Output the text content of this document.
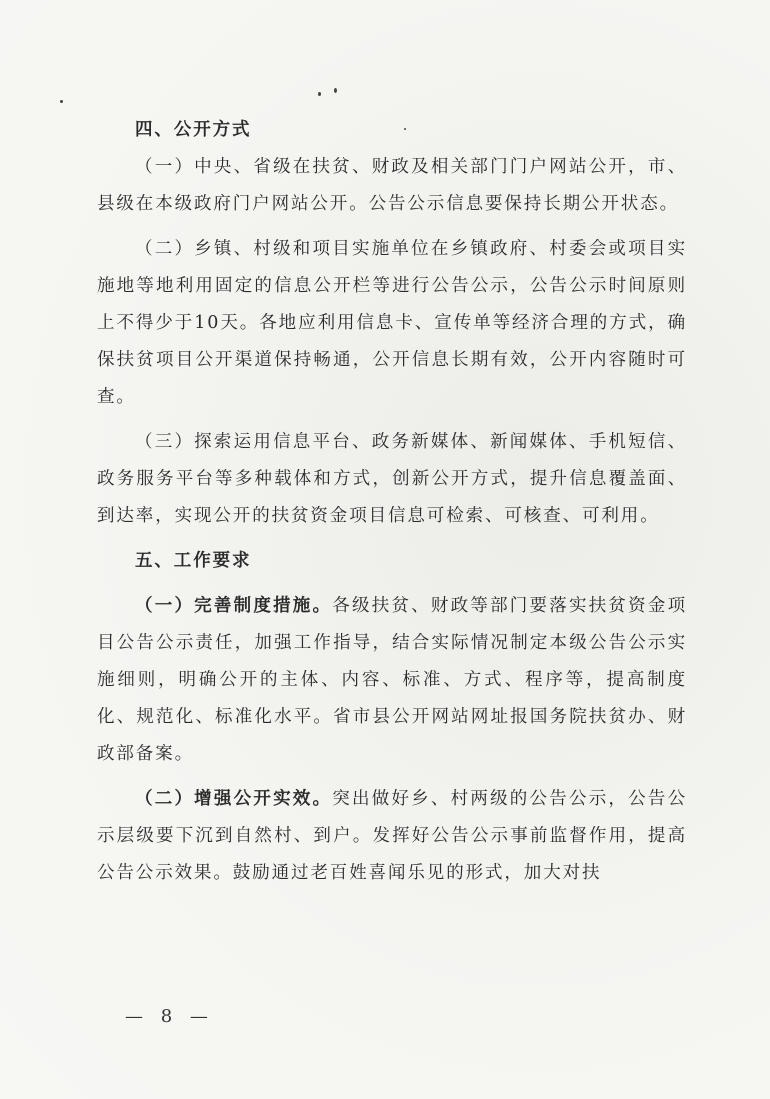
四、公开方式

（一）中央、省级在扶贫、财政及相关部门门户网站公开，市、县级在本级政府门户网站公开。公告公示信息要保持长期公开状态。

（二）乡镇、村级和项目实施单位在乡镇政府、村委会或项目实施地等地利用固定的信息公开栏等进行公告公示，公告公示时间原则上不得少于10天。各地应利用信息卡、宣传单等经济合理的方式，确保扶贫项目公开渠道保持畅通，公开信息长期有效，公开内容随时可查。

（三）探索运用信息平台、政务新媒体、新闻媒体、手机短信、政务服务平台等多种载体和方式，创新公开方式，提升信息覆盖面、到达率，实现公开的扶贫资金项目信息可检索、可核查、可利用。

五、工作要求

（一）完善制度措施。各级扶贫、财政等部门要落实扶贫资金项目公告公示责任，加强工作指导，结合实际情况制定本级公告公示实施细则，明确公开的主体、内容、标准、方式、程序等，提高制度化、规范化、标准化水平。省市县公开网站网址报国务院扶贫办、财政部备案。

（二）增强公开实效。突出做好乡、村两级的公告公示，公告公示层级要下沉到自然村、到户。发挥好公告公示事前监督作用，提高公告公示效果。鼓励通过老百姓喜闻乐见的形式，加大对扶

— 8 —
